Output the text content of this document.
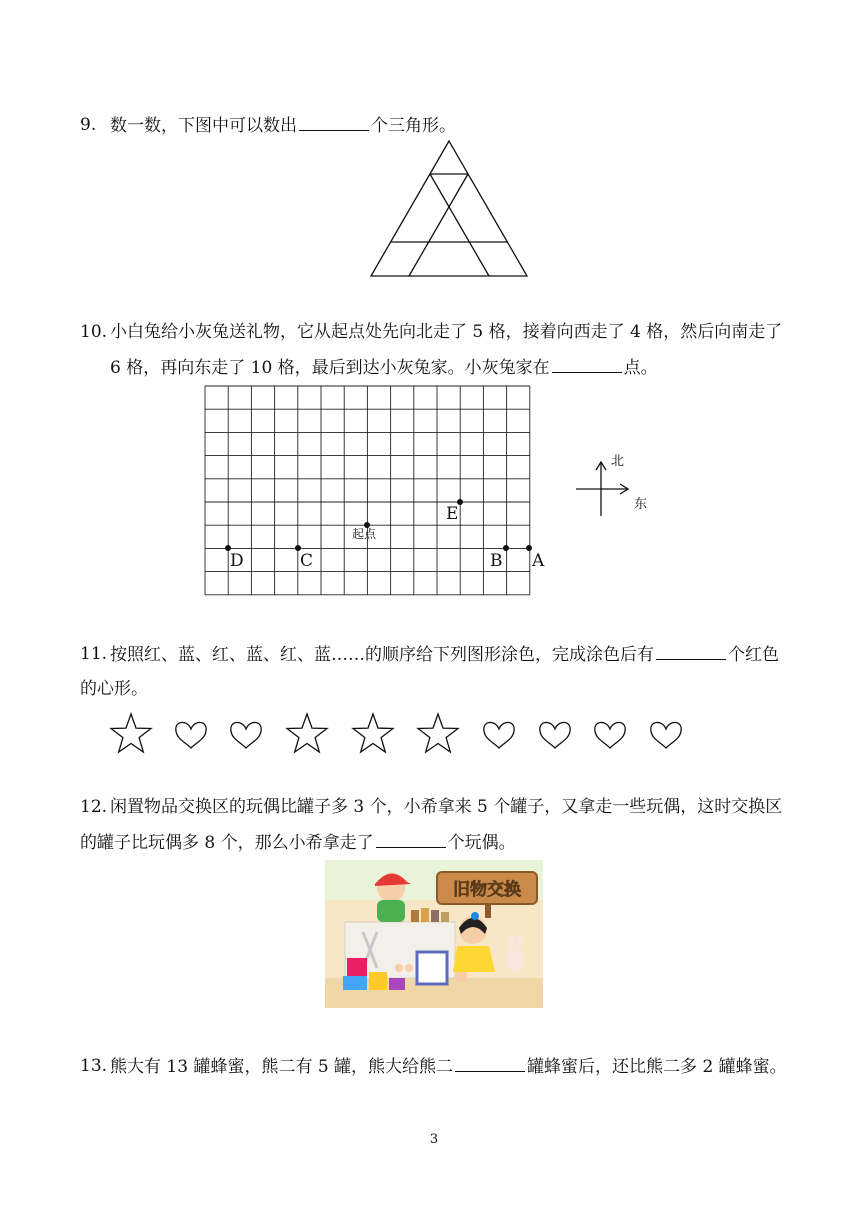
9. 数一数，下图中可以数出	个三角形。
10. 小白兔给小灰兔送礼物，它从起点处先向北走了 5 格，接着向西走了 4 格，然后向南走了
6 格，再向东走了 10 格，最后到达小灰兔家。小灰兔家在	点。
起点
E
D	C	B A
北
东
11. 按照红、蓝、红、蓝、红、蓝……的顺序给下列图形涂色，完成涂色后有	个红色
的心形。
12. 闲置物品交换区的玩偶比罐子多 3 个，小希拿来 5 个罐子，又拿走一些玩偶，这时交换区
的罐子比玩偶多 8 个，那么小希拿走了	个玩偶。
旧物交换
13. 熊大有 13 罐蜂蜜，熊二有 5 罐，熊大给熊二	罐蜂蜜后，还比熊二多 2 罐蜂蜜。
3
